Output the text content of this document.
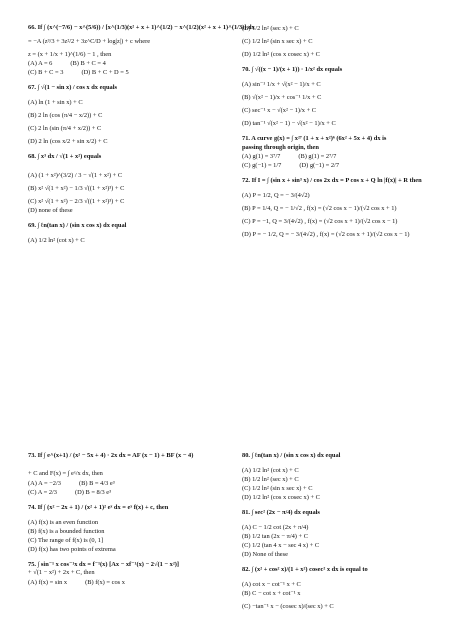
66. If ∫ (x^(−7/6) − x^(5/6)) / [x^(1/3)(x² + x + 1)^(1/2) − x^(1/2)(x² + x + 1)^(1/3)] dx
= −A (z³/3 + 3z²/2 + 3z^C/D + log|z|) + c where
z = (x + 1/x + 1)^(1/6) − 1 , then
(A) A = 6	(B) B + C = 4
(C) B + C = 3	(D) B + C + D = 5
67. ∫ √(1 − sin x) / cos x dx equals
(A) ln (1 + sin x) + C
(B) 2 ln (cos (π/4 − x/2)) + C
(C) 2 ln (sin (π/4 + x/2)) + C
(D) 2 ln (cos x/2 + sin x/2) + C
68. ∫ x³ dx / √(1 + x²) equals
(A) (1 + x²)^(3/2) / 3 − √(1 + x²) + C
(B) x² √(1 + x²) − 1/3 √((1 + x²)³) + C
(C) x² √(1 + x²) − 2/3 √((1 + x²)³) + C
(D) none of these
69. ∫ ℓn(tan x) / (sin x cos x) dx equal
(A) 1/2 ln² (cot x) + C
(B) 1/2 ln² (sec x) + C
(C) 1/2 ln² (sin x sec x) + C
(D) 1/2 ln² (cos x cosec x) + C
70. ∫ √((x − 1)/(x + 1)) · 1/x² dx equals
(A) sin⁻¹ 1/x + √(x² − 1)/x + C
(B) √(x² − 1)/x + cos⁻¹ 1/x + C
(C) sec⁻¹ x − √(x² − 1)/x + C
(D) tan⁻¹ √(x² − 1) − √(x² − 1)/x + C
71. A curve g(x) = ∫ x²⁷ (1 + x + x²)⁶ (6x² + 5x + 4) dx is
passing through origin, then
(A) g(1) = 3⁷/7	(B) g(1) = 2⁷/7
(C) g(−1) = 1/7	(D) g(−1) = 2/7
72. If I = ∫ (sin x + sin³ x) / cos 2x dx = P cos x + Q ln |f(x)| + R then
(A) P = 1/2, Q = − 3/(4√2)
(B) P = 1/4, Q = − 1/√2 , f(x) = (√2 cos x − 1)/(√2 cos x + 1)
(C) P = −1, Q = 3/(4√2) , f(x) = (√2 cos x + 1)/(√2 cos x − 1)
(D) P = − 1/2, Q = − 3/(4√2) , f(x) = (√2 cos x + 1)/(√2 cos x − 1)
73. If ∫ e^(x+1) / (x² − 5x + 4) · 2x dx = AF (x − 1) + BF (x − 4)
+ C and F(x) = ∫ eˣ/x dx, then
(A) A = −2/3	(B) B = 4/3 e³
(C) A = 2/3	(D) B = 8/3 e³
74. If ∫ (x² − 2x + 1) / (x² + 1)² eˣ dx = eˣ f(x) + c, then
(A) f(x) is an even function
(B) f(x) is a bounded function
(C) The range of f(x) is (0, 1]
(D) f(x) has two points of extrema
75. ∫ sin⁻¹ x cos⁻¹x dx = f⁻¹(x) [Ax − xf⁻¹(x) − 2√(1 − x²)]
+ √(1 − x²) + 2x + C, then
(A) f(x) = sin x	(B) f(x) = cos x
80. ∫ ℓn(tan x) / (sin x cos x) dx equal
(A) 1/2 ln² (cot x) + C
(B) 1/2 ln² (sec x) + C
(C) 1/2 ln² (sin x sec x) + C
(D) 1/2 ln² (cos x cosec x) + C
81. ∫ sec² (2x − π/4) dx equals
(A) C − 1/2 cot (2x + π/4)
(B) 1/2 tan (2x − π/4) + C
(C) 1/2 (tan 4 x − sec 4 x) + C
(D) None of these
82. ∫ (x² + cos² x)/(1 + x²) cosec² x dx is equal to
(A) cot x − cot⁻¹ x + C
(B) C − cot x + cot⁻¹ x
(C) −tan⁻¹ x − (cosec x)/(sec x) + C
